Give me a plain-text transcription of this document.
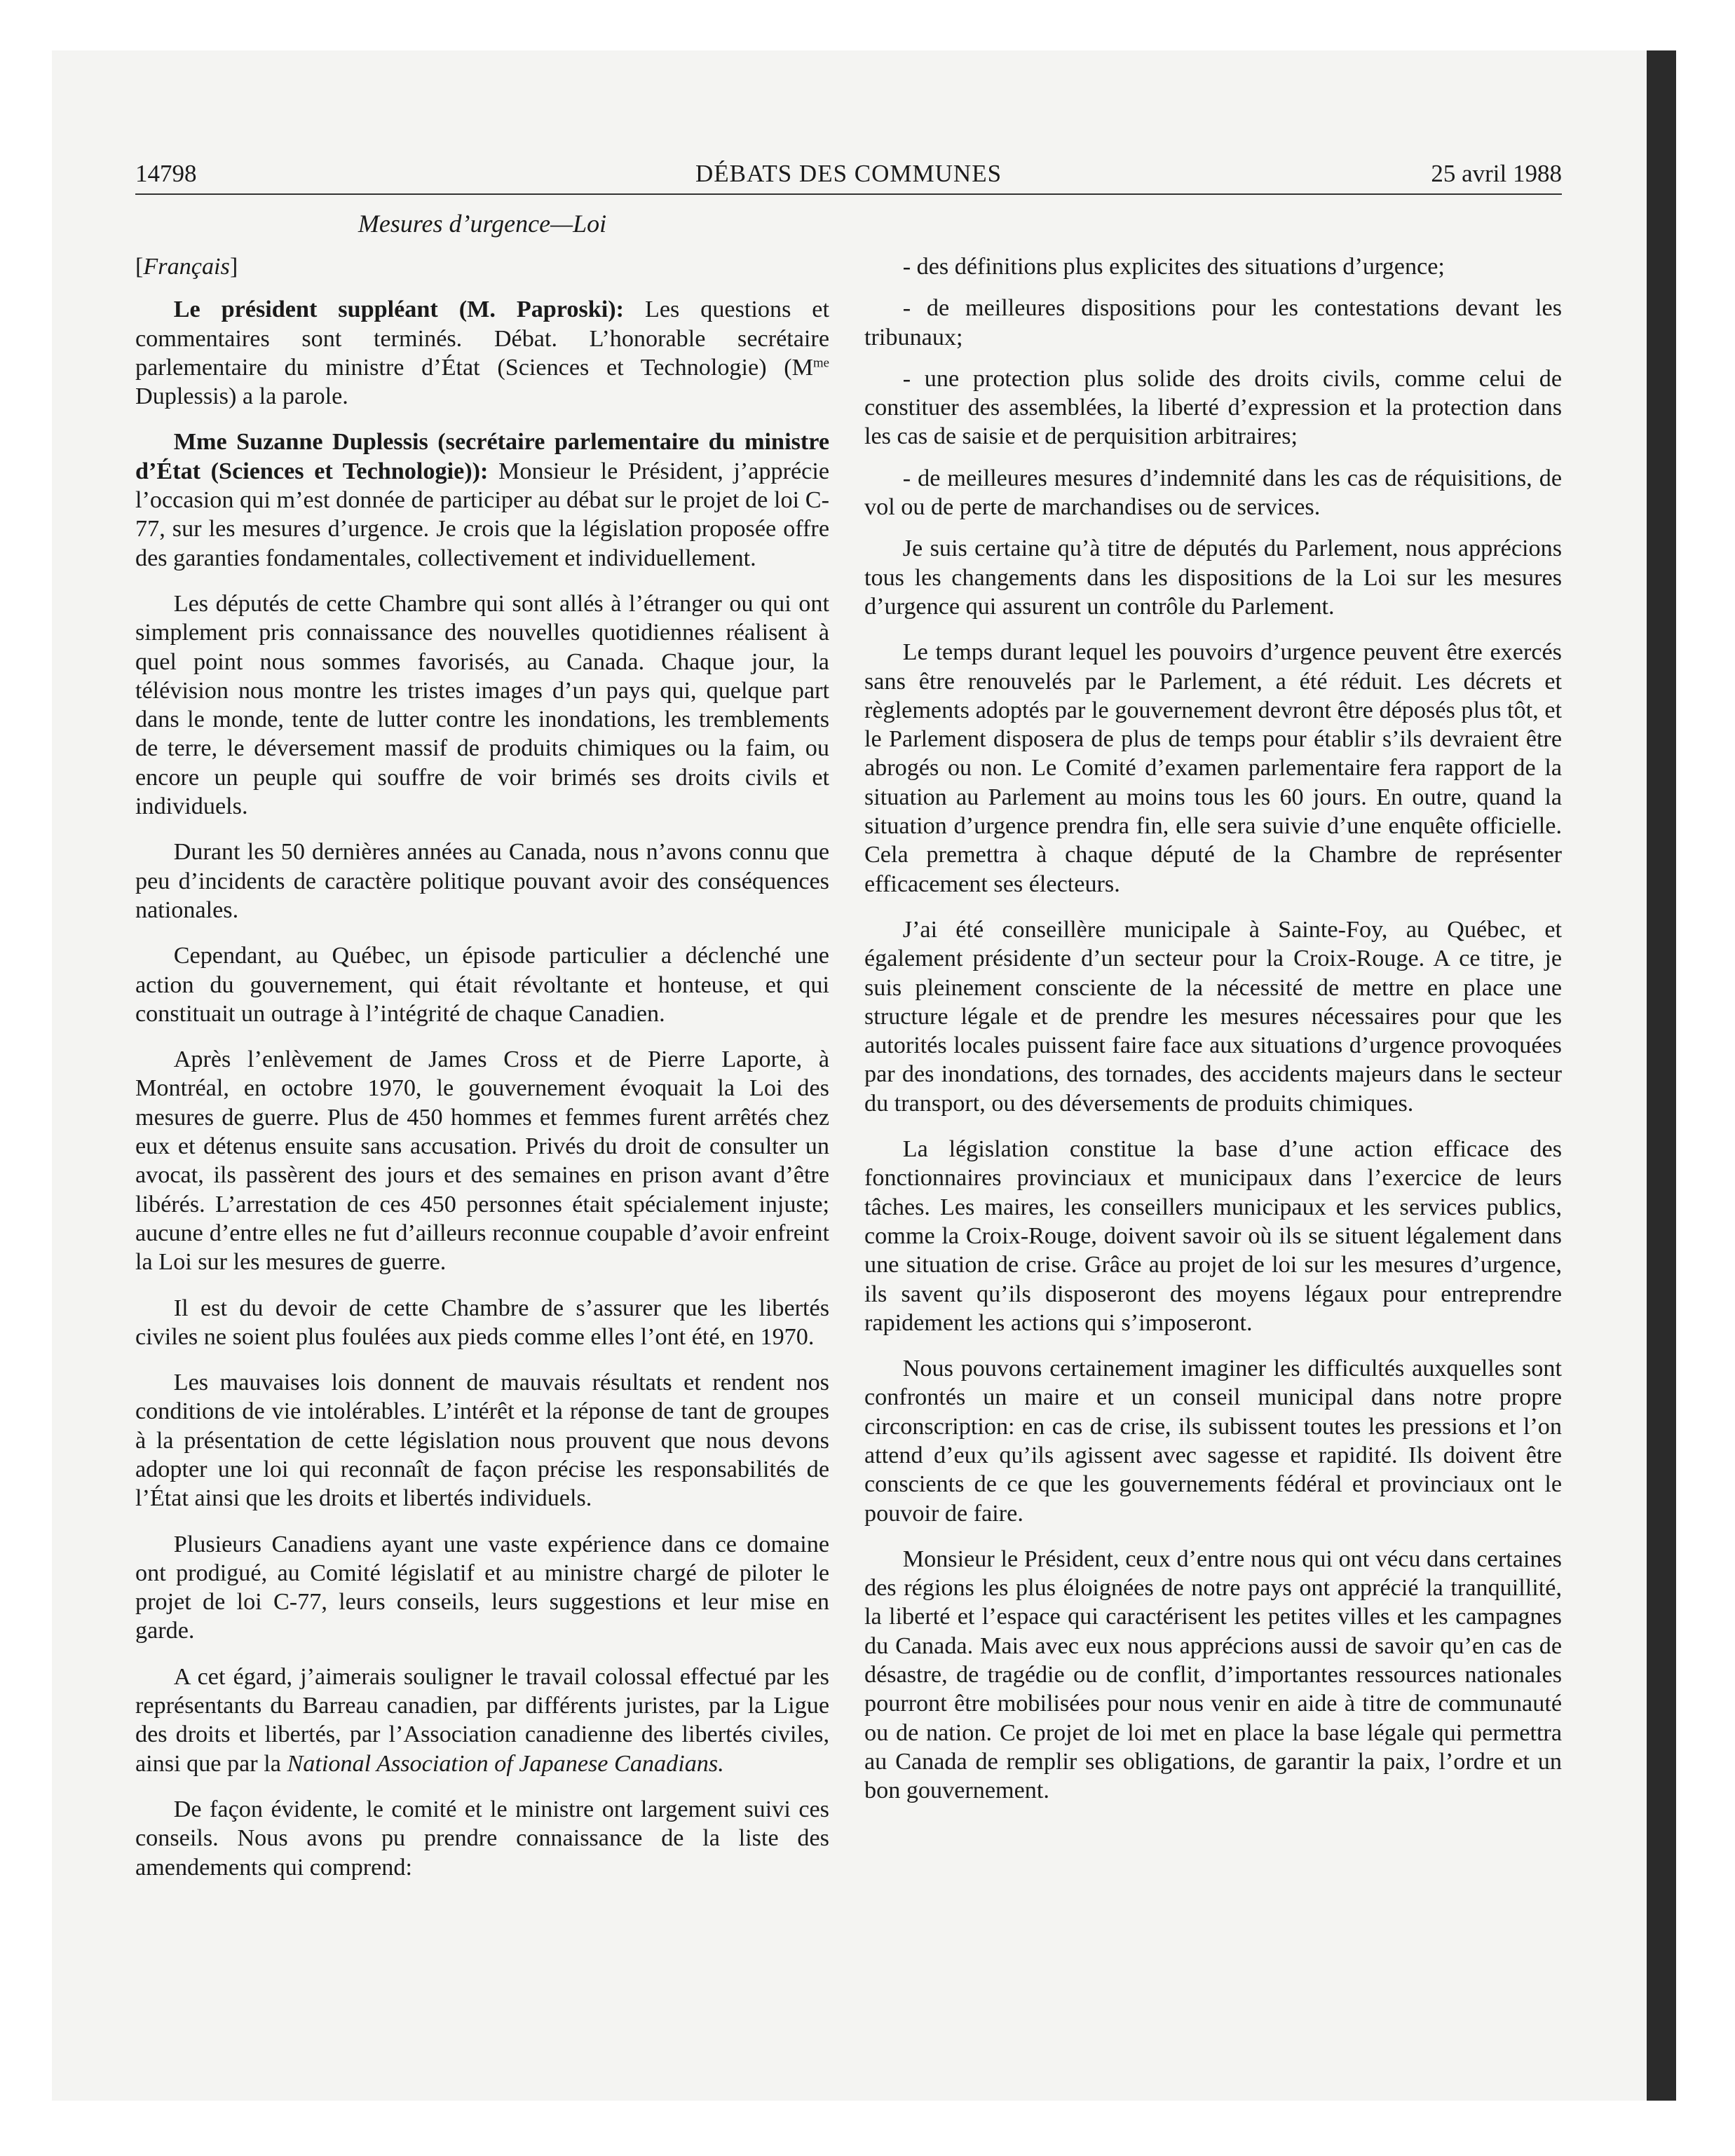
14798	DÉBATS DES COMMUNES	25 avril 1988
Mesures d’urgence—Loi

[Français]

Le président suppléant (M. Paproski): Les questions et commentaires sont terminés. Débat. L’honorable secrétaire parlementaire du ministre d’État (Sciences et Technologie) ($M^{me}$ Duplessis) a la parole.

Mme Suzanne Duplessis (secrétaire parlementaire du ministre d’État (Sciences et Technologie)): Monsieur le Président, j’apprécie l’occasion qui m’est donnée de participer au débat sur le projet de loi C-77, sur les mesures d’urgence. Je crois que la législation proposée offre des garanties fondamentales, collectivement et individuellement.

Les députés de cette Chambre qui sont allés à l’étranger ou qui ont simplement pris connaissance des nouvelles quotidiennes réalisent à quel point nous sommes favorisés, au Canada. Chaque jour, la télévision nous montre les tristes images d’un pays qui, quelque part dans le monde, tente de lutter contre les inondations, les tremblements de terre, le déversement massif de produits chimiques ou la faim, ou encore un peuple qui souffre de voir brimés ses droits civils et individuels.

Durant les 50 dernières années au Canada, nous n’avons connu que peu d’incidents de caractère politique pouvant avoir des conséquences nationales.

Cependant, au Québec, un épisode particulier a déclenché une action du gouvernement, qui était révoltante et honteuse, et qui constituait un outrage à l’intégrité de chaque Canadien.

Après l’enlèvement de James Cross et de Pierre Laporte, à Montréal, en octobre 1970, le gouvernement évoquait la Loi des mesures de guerre. Plus de 450 hommes et femmes furent arrêtés chez eux et détenus ensuite sans accusation. Privés du droit de consulter un avocat, ils passèrent des jours et des semaines en prison avant d’être libérés. L’arrestation de ces 450 personnes était spécialement injuste; aucune d’entre elles ne fut d’ailleurs reconnue coupable d’avoir enfreint la Loi sur les mesures de guerre.

Il est du devoir de cette Chambre de s’assurer que les libertés civiles ne soient plus foulées aux pieds comme elles l’ont été, en 1970.

Les mauvaises lois donnent de mauvais résultats et rendent nos conditions de vie intolérables. L’intérêt et la réponse de tant de groupes à la présentation de cette législation nous prouvent que nous devons adopter une loi qui reconnaît de façon précise les responsabilités de l’État ainsi que les droits et libertés individuels.

Plusieurs Canadiens ayant une vaste expérience dans ce domaine ont prodigué, au Comité législatif et au ministre chargé de piloter le projet de loi C-77, leurs conseils, leurs suggestions et leur mise en garde.

A cet égard, j’aimerais souligner le travail colossal effectué par les représentants du Barreau canadien, par différents juristes, par la Ligue des droits et libertés, par l’Association canadienne des libertés civiles, ainsi que par la National Association of Japanese Canadians.

De façon évidente, le comité et le ministre ont largement suivi ces conseils. Nous avons pu prendre connaissance de la liste des amendements qui comprend:

- des définitions plus explicites des situations d’urgence;

- de meilleures dispositions pour les contestations devant les tribunaux;

- une protection plus solide des droits civils, comme celui de constituer des assemblées, la liberté d’expression et la protection dans les cas de saisie et de perquisition arbitraires;

- de meilleures mesures d’indemnité dans les cas de réquisitions, de vol ou de perte de marchandises ou de services.

Je suis certaine qu’à titre de députés du Parlement, nous apprécions tous les changements dans les dispositions de la Loi sur les mesures d’urgence qui assurent un contrôle du Parlement.

Le temps durant lequel les pouvoirs d’urgence peuvent être exercés sans être renouvelés par le Parlement, a été réduit. Les décrets et règlements adoptés par le gouvernement devront être déposés plus tôt, et le Parlement disposera de plus de temps pour établir s’ils devraient être abrogés ou non. Le Comité d’examen parlementaire fera rapport de la situation au Parlement au moins tous les 60 jours. En outre, quand la situation d’urgence prendra fin, elle sera suivie d’une enquête officielle. Cela premettra à chaque député de la Chambre de représenter efficacement ses électeurs.

J’ai été conseillère municipale à Sainte-Foy, au Québec, et également présidente d’un secteur pour la Croix-Rouge. A ce titre, je suis pleinement consciente de la nécessité de mettre en place une structure légale et de prendre les mesures nécessaires pour que les autorités locales puissent faire face aux situations d’urgence provoquées par des inondations, des tornades, des accidents majeurs dans le secteur du transport, ou des déversements de produits chimiques.

La législation constitue la base d’une action efficace des fonctionnaires provinciaux et municipaux dans l’exercice de leurs tâches. Les maires, les conseillers municipaux et les services publics, comme la Croix-Rouge, doivent savoir où ils se situent légalement dans une situation de crise. Grâce au projet de loi sur les mesures d’urgence, ils savent qu’ils disposeront des moyens légaux pour entreprendre rapidement les actions qui s’imposeront.

Nous pouvons certainement imaginer les difficultés auxquelles sont confrontés un maire et un conseil municipal dans notre propre circonscription: en cas de crise, ils subissent toutes les pressions et l’on attend d’eux qu’ils agissent avec sagesse et rapidité. Ils doivent être conscients de ce que les gouvernements fédéral et provinciaux ont le pouvoir de faire.

Monsieur le Président, ceux d’entre nous qui ont vécu dans certaines des régions les plus éloignées de notre pays ont apprécié la tranquillité, la liberté et l’espace qui caractérisent les petites villes et les campagnes du Canada. Mais avec eux nous apprécions aussi de savoir qu’en cas de désastre, de tragédie ou de conflit, d’importantes ressources nationales pourront être mobilisées pour nous venir en aide à titre de communauté ou de nation. Ce projet de loi met en place la base légale qui permettra au Canada de remplir ses obligations, de garantir la paix, l’ordre et un bon gouvernement.
